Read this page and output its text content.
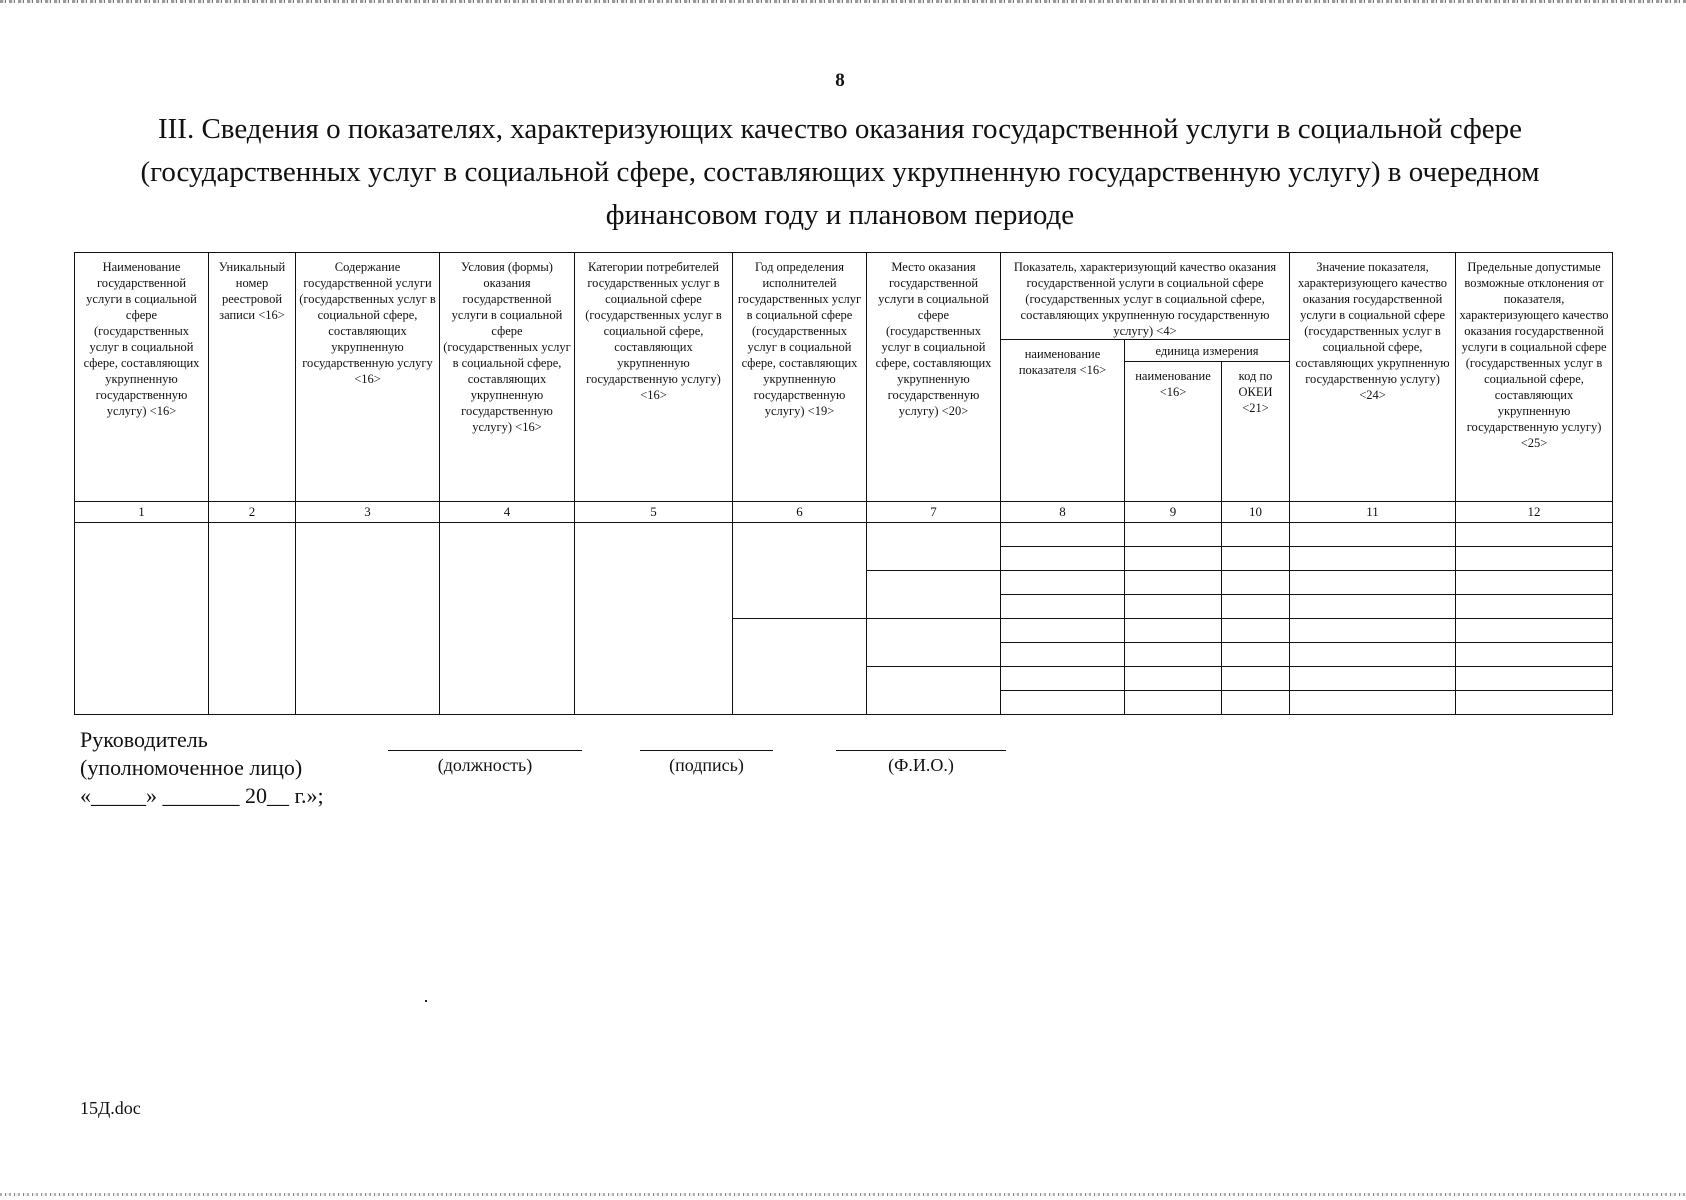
8
III. Сведения о показателях, характеризующих качество оказания государственной услуги в социальной сфере
(государственных услуг в социальной сфере, составляющих укрупненную государственную услугу) в очередном
финансовом году и плановом периоде
Наименование государственной услуги в социальной сфере (государственных услуг в социальной сфере, составляющих укрупненную государственную услугу) <16>	Уникальный номер реестровой записи <16>	Содержание государственной услуги (государственных услуг в социальной сфере, составляющих укрупненную государственную услугу <16>	Условия (формы) оказания государственной услуги в социальной сфере (государственных услуг в социальной сфере, составляющих укрупненную государственную услугу) <16>	Категории потребителей государственных услуг в социальной сфере (государственных услуг в социальной сфере, составляющих укрупненную государственную услугу) <16>	Год определения исполнителей государственных услуг в социальной сфере (государственных услуг в социальной сфере, составляющих укрупненную государственную услугу) <19>	Место оказания государственной услуги в социальной сфере (государственных услуг в социальной сфере, составляющих укрупненную государственную услугу) <20>	Показатель, характеризующий качество оказания государственной услуги в социальной сфере (государственных услуг в социальной сфере, составляющих укрупненную государственную услугу) <4>			Значение показателя, характеризующего качество оказания государственной услуги в социальной сфере (государственных услуг в социальной сфере, составляющих укрупненную государственную услугу) <24>	Предельные допустимые возможные отклонения от показателя, характеризующего качество оказания государственной услуги в социальной сфере (государственных услуг в социальной сфере, составляющих укрупненную государственную услугу) <25>
							наименование показателя <16>	единица измерения			
								наименование <16>	код по ОКЕИ <21>		
1	2	3	4	5	6	7	8	9	10	11	12

Руководитель
(уполномоченное лицо)
«_____» _______ 20__ г.»;
(должность)	(подпись)	(Ф.И.О.)
15Д.doc
